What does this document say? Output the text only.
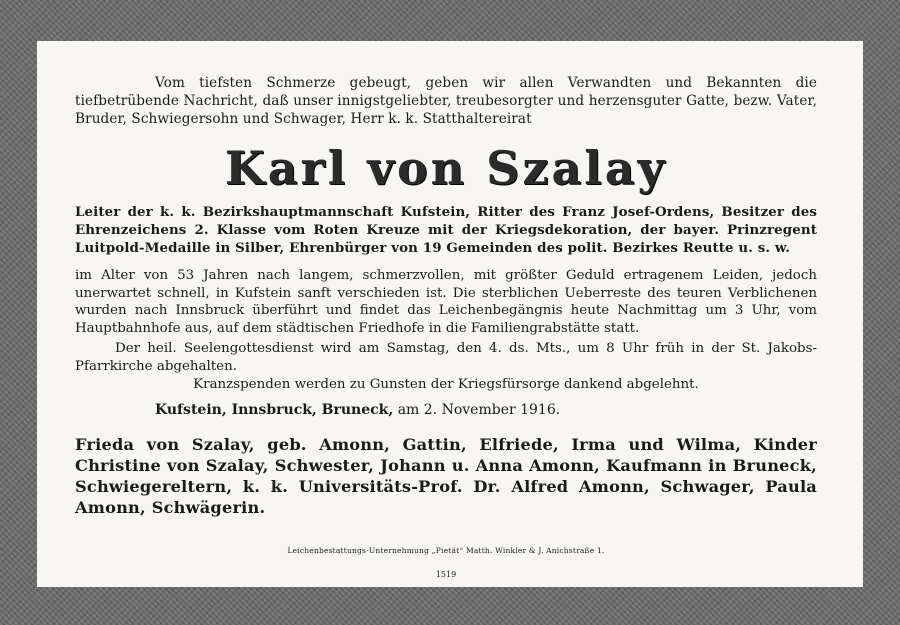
Vom tiefsten Schmerze gebeugt, geben wir allen Verwandten und Bekannten die tiefbetrübende Nachricht, daß unser innigstgeliebter, treubesorgter und herzensguter Gatte, bezw. Vater, Bruder, Schwiegersohn und Schwager, Herr k. k. Statthaltereirat

Karl von Szalay

Leiter der k. k. Bezirkshauptmannschaft Kufstein, Ritter des Franz Josef-Ordens, Besitzer des Ehrenzeichens 2. Klasse vom Roten Kreuze mit der Kriegsdekoration, der bayer. Prinzregent Luitpold-Medaille in Silber, Ehrenbürger von 19 Gemeinden des polit. Bezirkes Reutte u. s. w.

im Alter von 53 Jahren nach langem, schmerzvollen, mit größter Geduld ertragenem Leiden, jedoch unerwartet schnell, in Kufstein sanft verschieden ist. Die sterblichen Ueberreste des teuren Verblichenen wurden nach Innsbruck überführt und findet das Leichenbegängnis heute Nachmittag um 3 Uhr, vom Hauptbahnhofe aus, auf dem städtischen Friedhofe in die Familiengrabstätte statt.

Der heil. Seelengottesdienst wird am Samstag, den 4. ds. Mts., um 8 Uhr früh in der St. Jakobs-Pfarrkirche abgehalten.

Kranzspenden werden zu Gunsten der Kriegsfürsorge dankend abgelehnt.

Kufstein, Innsbruck, Bruneck, am 2. November 1916.

Frieda von Szalay, geb. Amonn, Gattin, Elfriede, Irma und Wilma, Kinder Christine von Szalay, Schwester, Johann u. Anna Amonn, Kaufmann in Bruneck, Schwiegereltern, k. k. Universitäts-Prof. Dr. Alfred Amonn, Schwager, Paula Amonn, Schwägerin.

Leichenbestattungs-Unternehmung „Pietät“ Matth. Winkler & J. Anichstraße 1.
1519
